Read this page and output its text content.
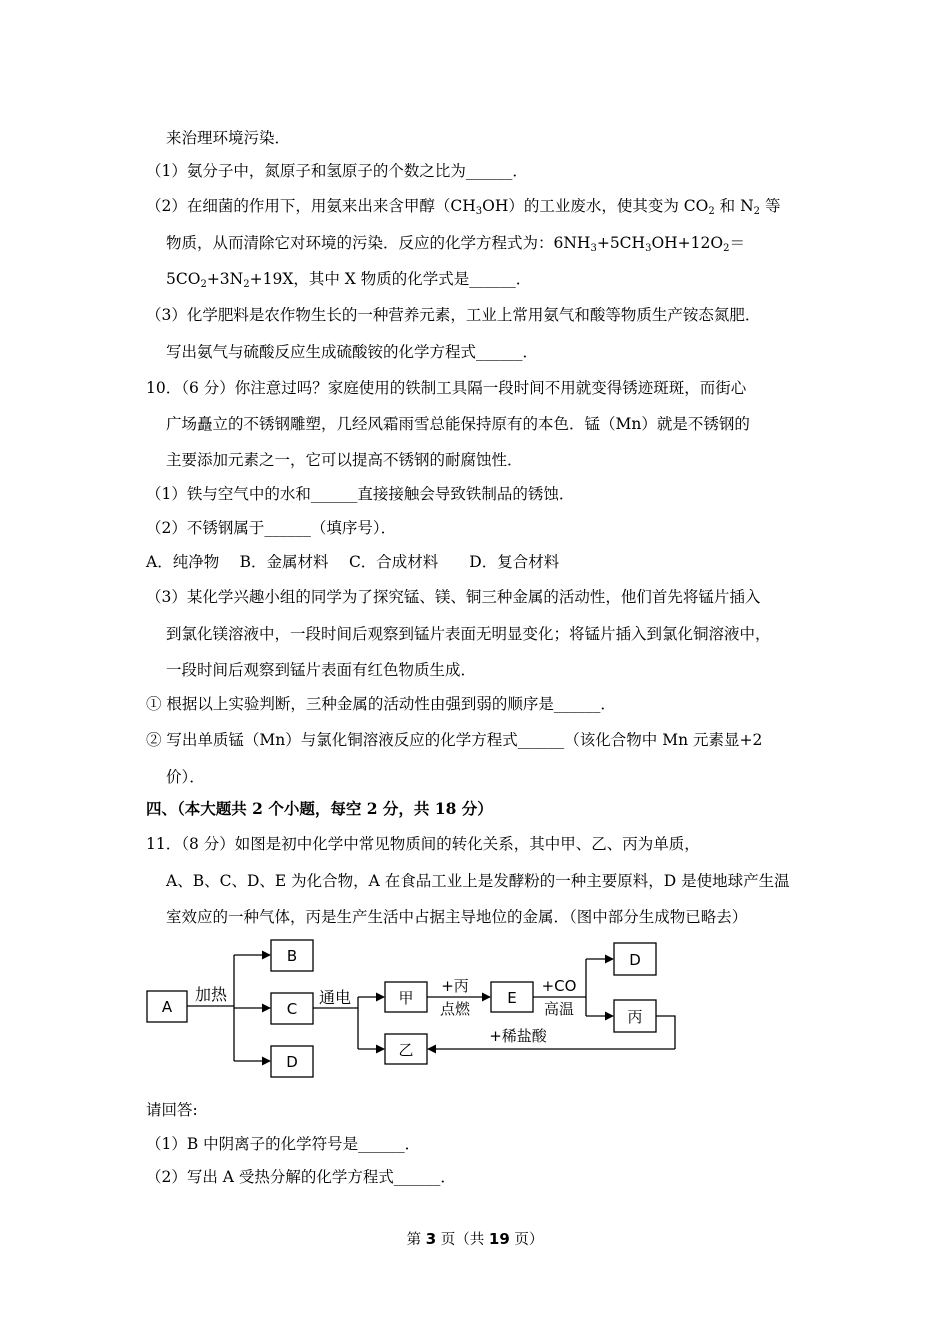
来治理环境污染．
（1）氨分子中，氮原子和氢原子的个数之比为______．
（2）在细菌的作用下，用氨来出来含甲醇$(CH_3OH)$的工业废水，使其变为 $CO_2$ 和 $N_2$ 等
物质，从而清除它对环境的污染．反应的化学方程式为：$6NH_3+5CH_3OH+12O_2=$
$5CO_2+3N_2+19X$，其中 X 物质的化学式是______．
（3）化学肥料是农作物生长的一种营养元素，工业上常用氨气和酸等物质生产铵态氮肥．
写出氨气与硫酸反应生成硫酸铵的化学方程式______．
10．（6 分）你注意过吗？家庭使用的铁制工具隔一段时间不用就变得锈迹斑斑，而街心
广场矗立的不锈钢雕塑，几经风霜雨雪总能保持原有的本色．锰（Mn）就是不锈钢的
主要添加元素之一，它可以提高不锈钢的耐腐蚀性．
（1）铁与空气中的水和______直接接触会导致铁制品的锈蚀．
（2）不锈钢属于______（填序号）．
A．纯净物　 B．金属材料　 C．合成材料　　D．复合材料
（3）某化学兴趣小组的同学为了探究锰、镁、铜三种金属的活动性，他们首先将锰片插入
到氯化镁溶液中，一段时间后观察到锰片表面无明显变化；将锰片插入到氯化铜溶液中，
一段时间后观察到锰片表面有红色物质生成．
① 根据以上实验判断，三种金属的活动性由强到弱的顺序是______．
② 写出单质锰（Mn）与氯化铜溶液反应的化学方程式______（该化合物中 Mn 元素显+2
价）．
四、（本大题共 2 个小题，每空 2 分，共 18 分）
11．（8 分）如图是初中化学中常见物质间的转化关系，其中甲、乙、丙为单质，
A、B、C、D、E 为化合物，A 在食品工业上是发酵粉的一种主要原料，D 是使地球产生温
室效应的一种气体，丙是生产生活中占据主导地位的金属．（图中部分生成物已略去）
A
B
C
D
甲	E
乙
D
丙
加热	通电
+丙
点燃
+CO
高温
+稀盐酸
请回答:
（1）B 中阴离子的化学符号是______．
（2）写出 A 受热分解的化学方程式______．
第 3 页（共 19 页）
